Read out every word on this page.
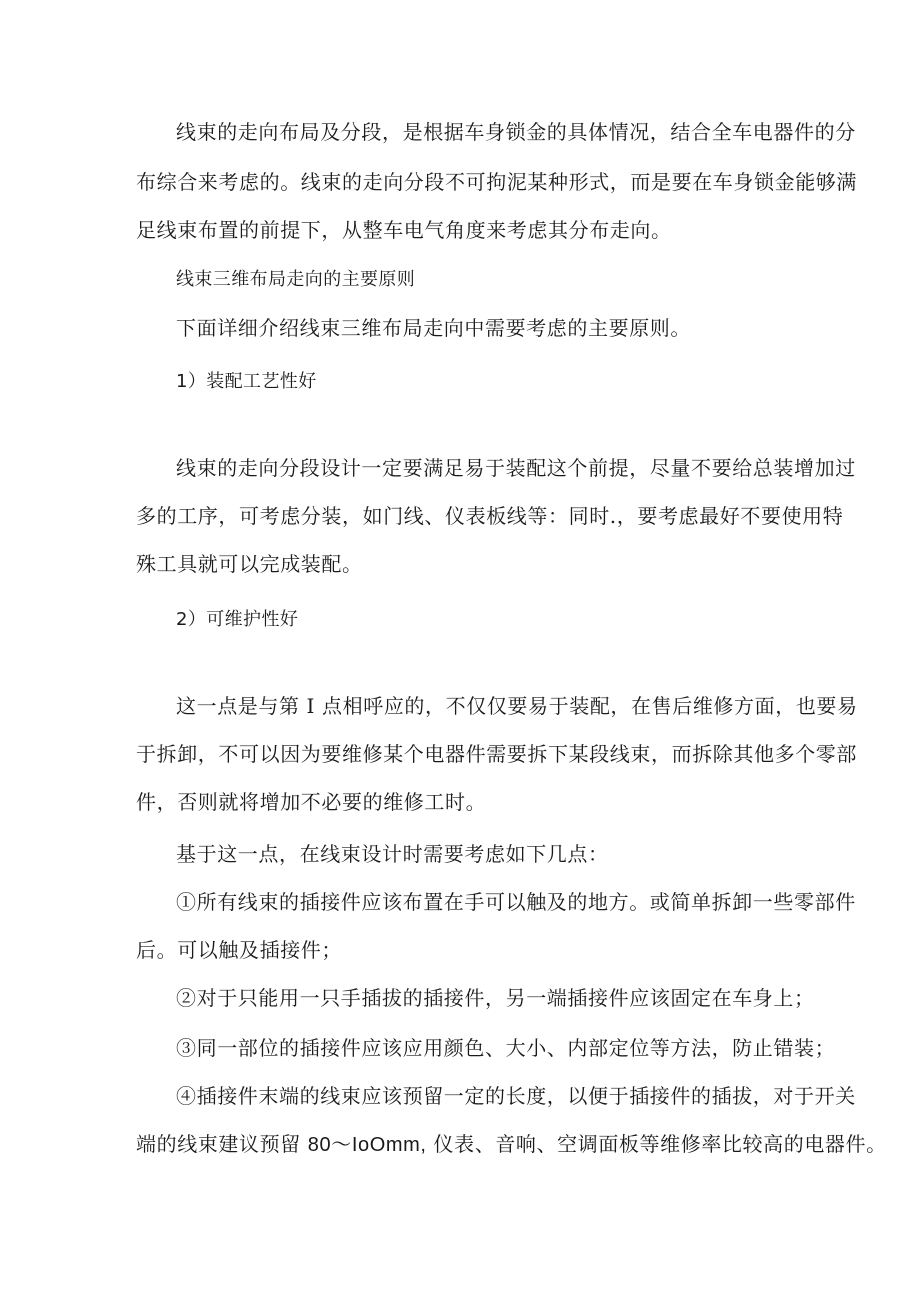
线束的走向布局及分段，是根据车身锁金的具体情况，结合全车电器件的分
布综合来考虑的。线束的走向分段不可拘泥某种形式，而是要在车身锁金能够满
足线束布置的前提下，从整车电气角度来考虑其分布走向。
线束三维布局走向的主要原则
下面详细介绍线束三维布局走向中需要考虑的主要原则。
1）装配工艺性好
线束的走向分段设计一定要满足易于装配这个前提，尽量不要给总装增加过
多的工序，可考虑分装，如门线、仪表板线等：同时.，要考虑最好不要使用特
殊工具就可以完成装配。
2）可维护性好
这一点是与第 I 点相呼应的，不仅仅要易于装配，在售后维修方面，也要易
于拆卸，不可以因为要维修某个电器件需要拆下某段线束，而拆除其他多个零部
件，否则就将增加不必要的维修工时。
基于这一点，在线束设计时需要考虑如下几点：
①所有线束的插接件应该布置在手可以触及的地方。或简单拆卸一些零部件
后。可以触及插接件；
②对于只能用一只手插拔的插接件，另一端插接件应该固定在车身上；
③同一部位的插接件应该应用颜色、大小、内部定位等方法，防止错装；
④插接件末端的线束应该预留一定的长度，以便于插接件的插拔，对于开关
端的线束建议预留 80～IoOmm, 仪表、音响、空调面板等维修率比较高的电器件。
